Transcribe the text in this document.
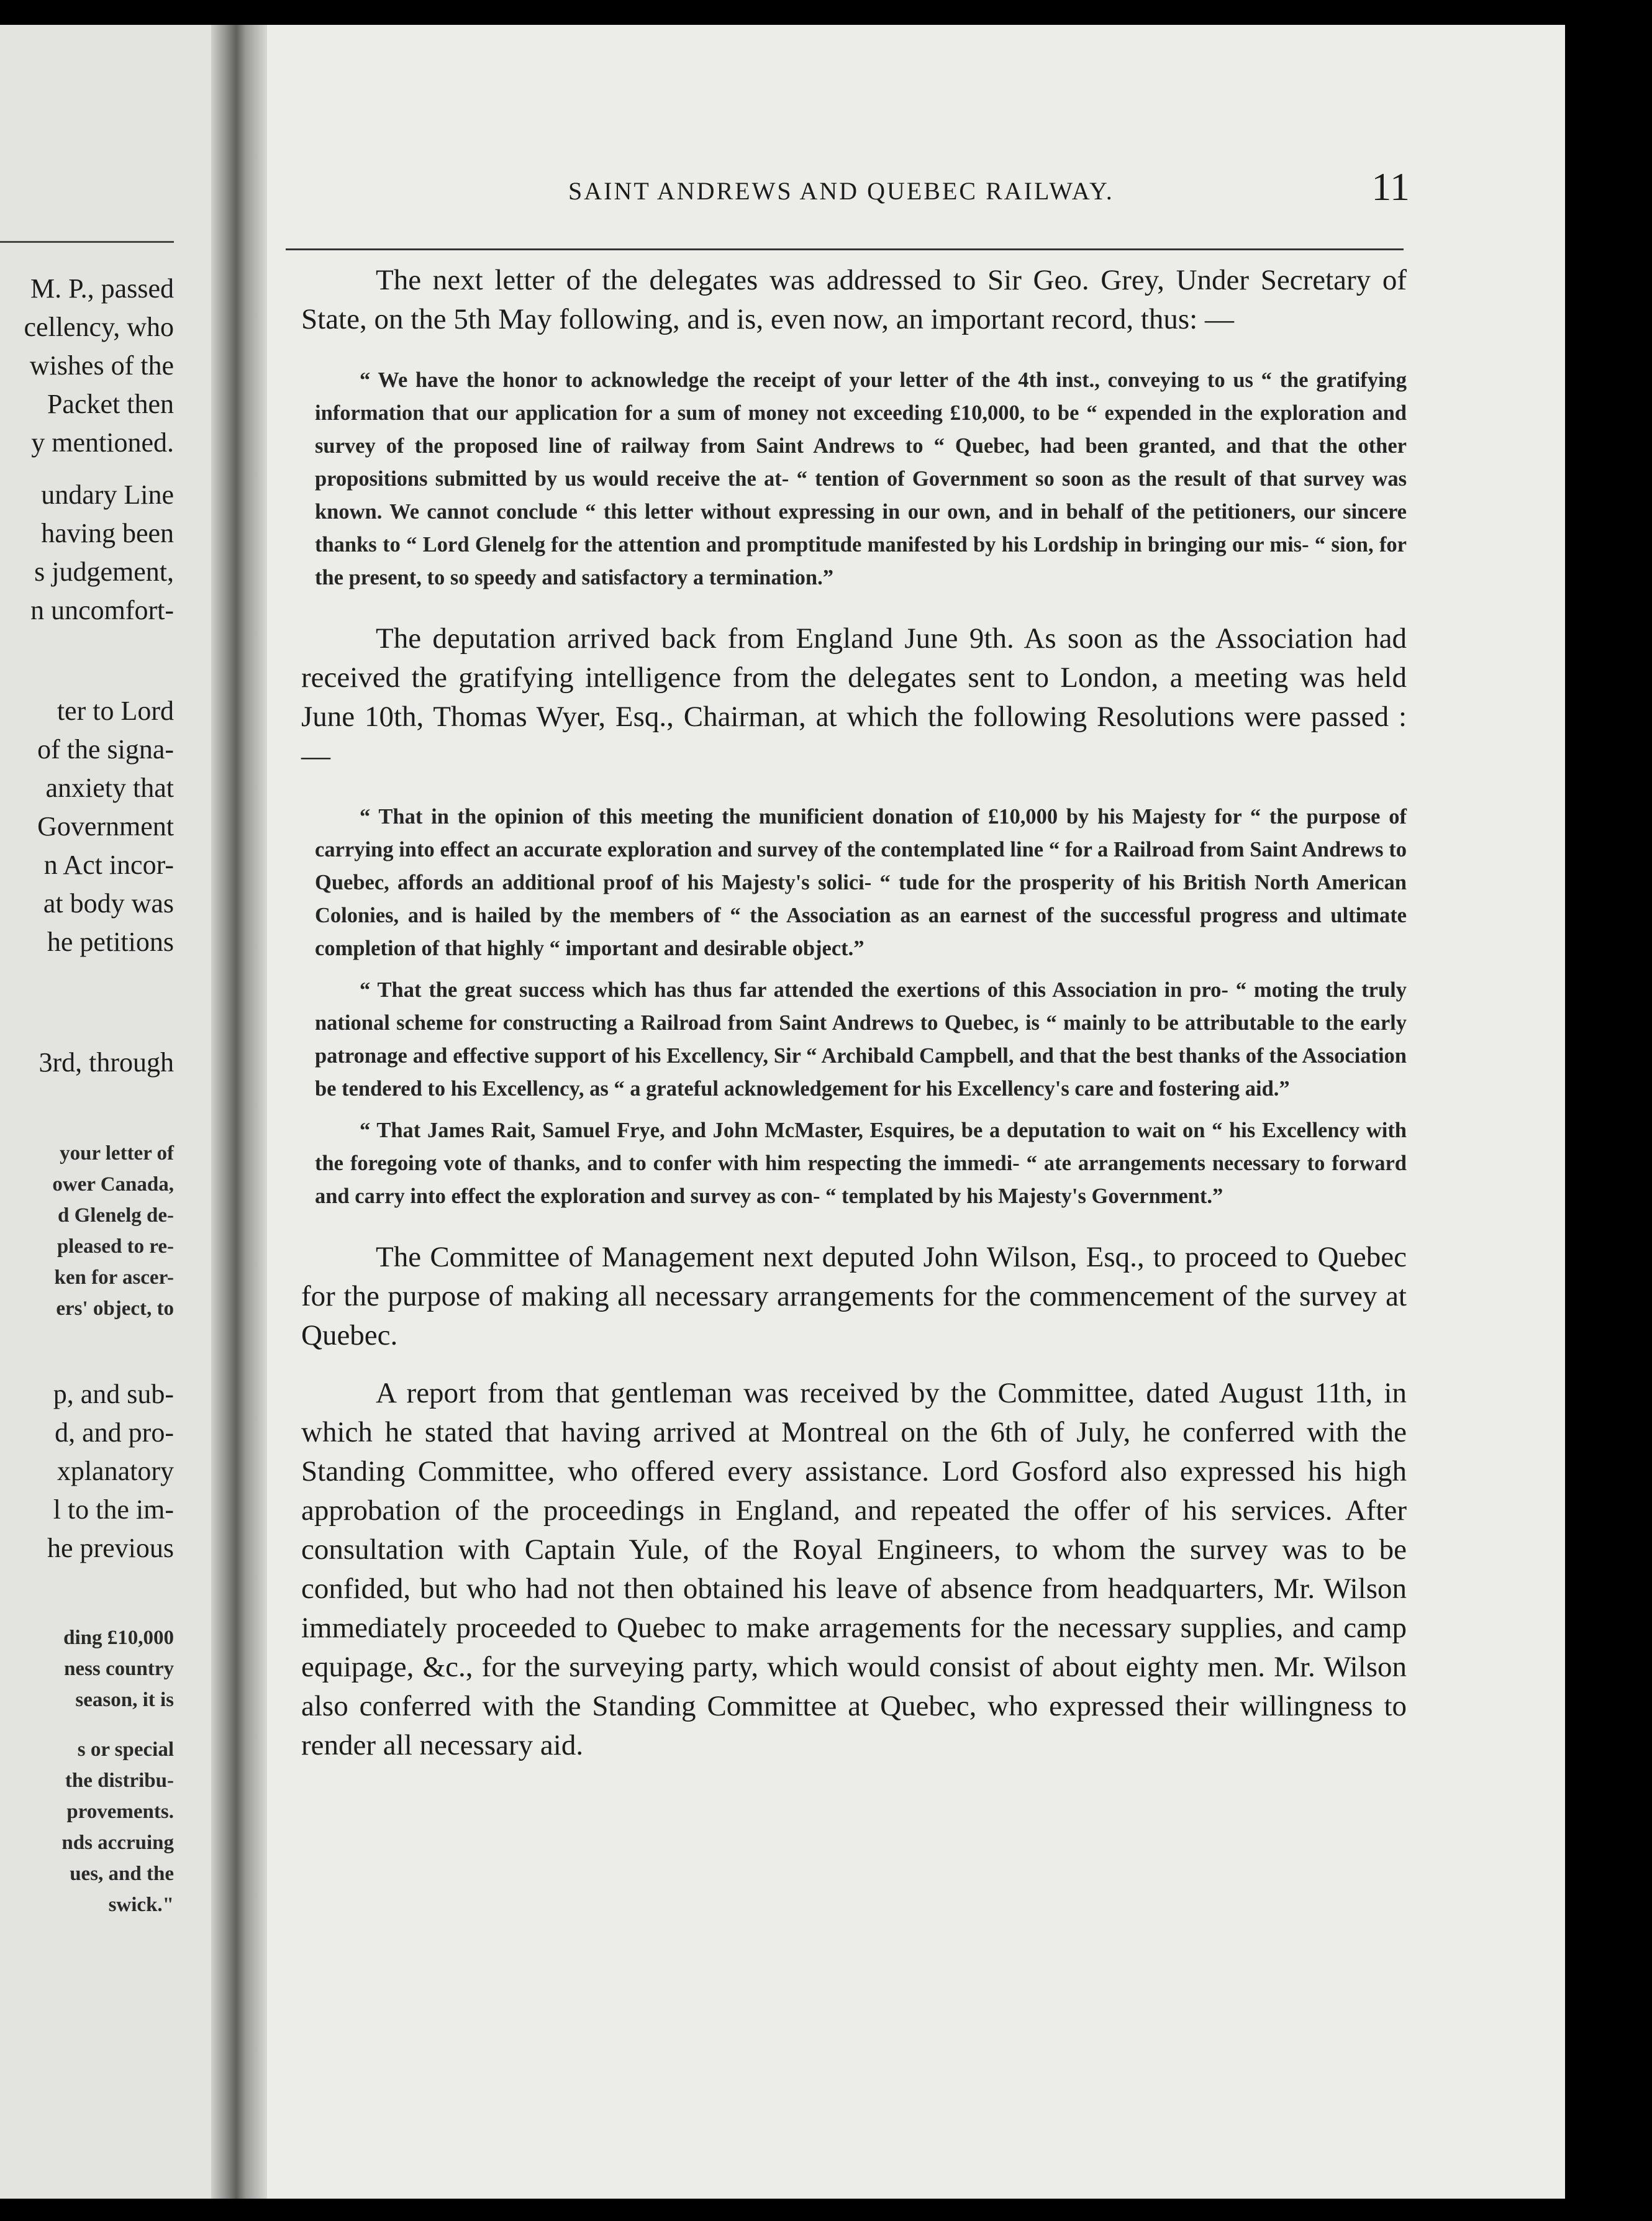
M. P., passed
cellency, who
wishes of the
Packet then
y mentioned.
undary Line
having been
s judgement,
n uncomfort-
ter to Lord
of the signa-
anxiety that
Government
n Act incor-
at body was
he petitions
3rd, through
your letter of
ower Canada,
d Glenelg de-
pleased to re-
ken for ascer-
ers' object, to
p, and sub-
d, and pro-
xplanatory
l to the im-
he previous
ding £10,000
ness country
season, it is
s or special
the distribu-
provements.
nds accruing
ues, and the
swick."
SAINT ANDREWS AND QUEBEC RAILWAY.	11

The next letter of the delegates was addressed to Sir Geo. Grey, Under Secretary of State, on the 5th May following, and is, even now, an important record, thus: —

“ We have the honor to acknowledge the receipt of your letter of the 4th inst., conveying to us “ the gratifying information that our application for a sum of money not exceeding £10,000, to be “ expended in the exploration and survey of the proposed line of railway from Saint Andrews to “ Quebec, had been granted, and that the other propositions submitted by us would receive the at- “ tention of Government so soon as the result of that survey was known. We cannot conclude “ this letter without expressing in our own, and in behalf of the petitioners, our sincere thanks to “ Lord Glenelg for the attention and promptitude manifested by his Lordship in bringing our mis- “ sion, for the present, to so speedy and satisfactory a termination.”

The deputation arrived back from England June 9th. As soon as the Association had received the gratifying intelligence from the delegates sent to London, a meeting was held June 10th, Thomas Wyer, Esq., Chairman, at which the following Resolutions were passed : —

“ That in the opinion of this meeting the munificient donation of £10,000 by his Majesty for “ the purpose of carrying into effect an accurate exploration and survey of the contemplated line “ for a Railroad from Saint Andrews to Quebec, affords an additional proof of his Majesty's solici- “ tude for the prosperity of his British North American Colonies, and is hailed by the members of “ the Association as an earnest of the successful progress and ultimate completion of that highly “ important and desirable object.”

“ That the great success which has thus far attended the exertions of this Association in pro- “ moting the truly national scheme for constructing a Railroad from Saint Andrews to Quebec, is “ mainly to be attributable to the early patronage and effective support of his Excellency, Sir “ Archibald Campbell, and that the best thanks of the Association be tendered to his Excellency, as “ a grateful acknowledgement for his Excellency's care and fostering aid.”

“ That James Rait, Samuel Frye, and John McMaster, Esquires, be a deputation to wait on “ his Excellency with the foregoing vote of thanks, and to confer with him respecting the immedi- “ ate arrangements necessary to forward and carry into effect the exploration and survey as con- “ templated by his Majesty's Government.”

The Committee of Management next deputed John Wilson, Esq., to proceed to Quebec for the purpose of making all necessary arrangements for the commencement of the survey at Quebec.

A report from that gentleman was received by the Committee, dated August 11th, in which he stated that having arrived at Montreal on the 6th of July, he conferred with the Standing Committee, who offered every assistance. Lord Gosford also expressed his high approbation of the proceedings in England, and repeated the offer of his services. After consultation with Captain Yule, of the Royal Engineers, to whom the survey was to be confided, but who had not then obtained his leave of absence from headquarters, Mr. Wilson immediately proceeded to Quebec to make arragements for the necessary supplies, and camp equipage, &c., for the surveying party, which would consist of about eighty men. Mr. Wilson also conferred with the Standing Committee at Quebec, who expressed their willingness to render all necessary aid.
